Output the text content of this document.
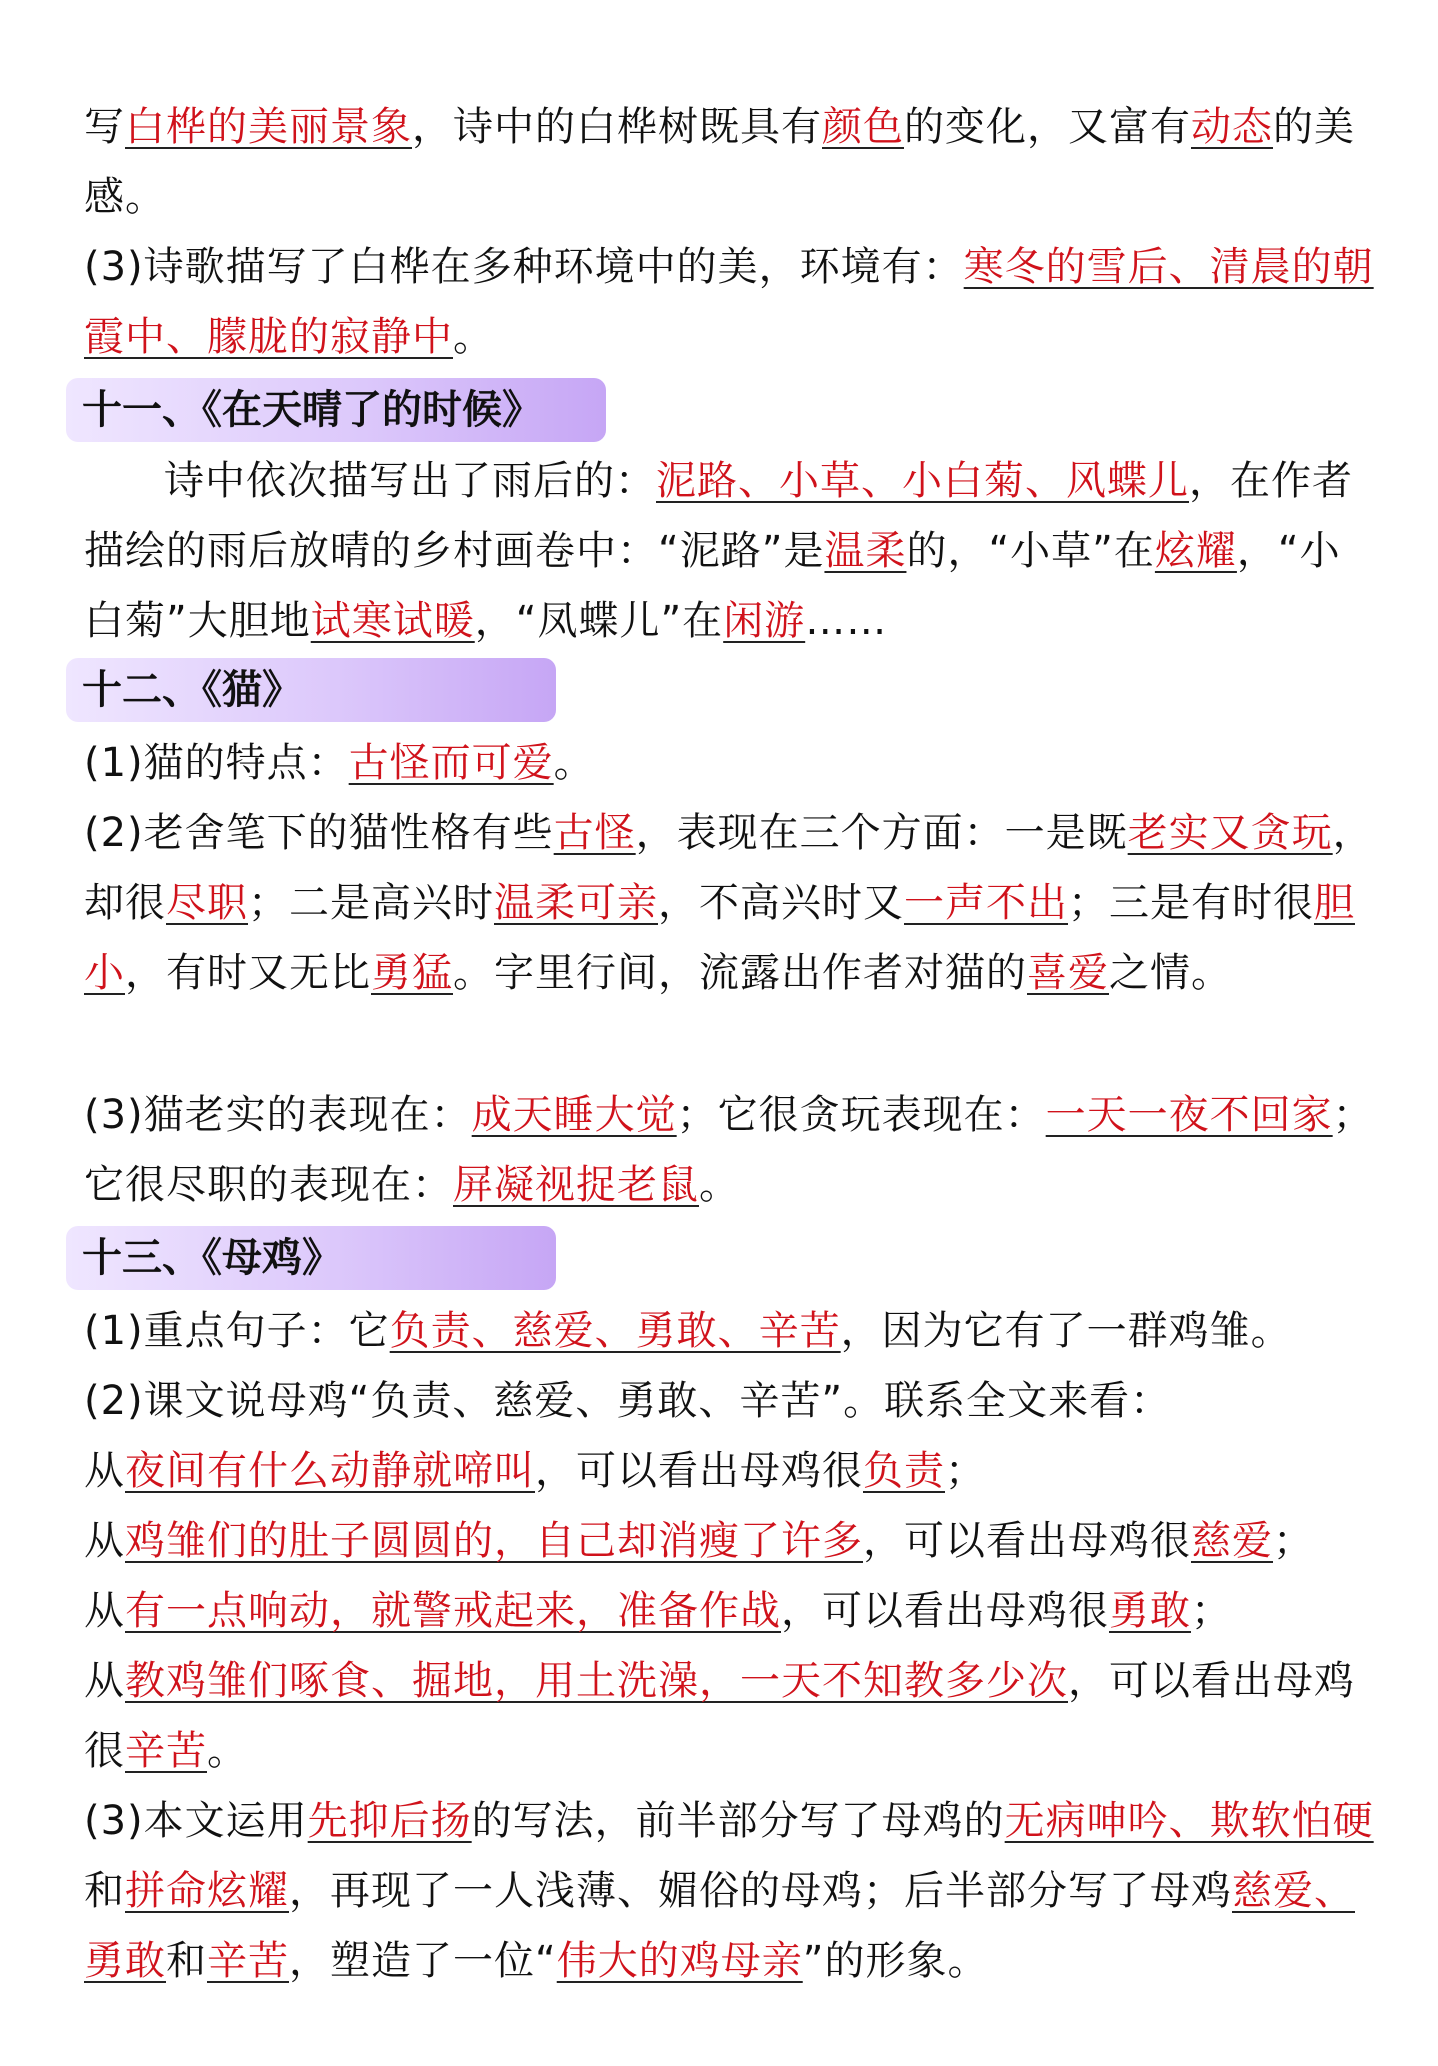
写白桦的美丽景象，诗中的白桦树既具有颜色的变化，又富有动态的美感。
(3)诗歌描写了白桦在多种环境中的美，环境有：寒冬的雪后、清晨的朝霞中、朦胧的寂静中。
十一、《在天晴了的时候》
诗中依次描写出了雨后的：泥路、小草、小白菊、风蝶儿，在作者描绘的雨后放晴的乡村画卷中：“泥路”是温柔的，“小草”在炫耀，“小白菊”大胆地试寒试暖，“凤蝶儿”在闲游……
十二、《猫》
(1)猫的特点：古怪而可爱。
(2)老舍笔下的猫性格有些古怪，表现在三个方面：一是既老实又贪玩，却很尽职；二是高兴时温柔可亲，不高兴时又一声不出；三是有时很胆小，有时又无比勇猛。字里行间，流露出作者对猫的喜爱之情。
(3)猫老实的表现在：成天睡大觉；它很贪玩表现在：一天一夜不回家；它很尽职的表现在：屏凝视捉老鼠。
十三、《母鸡》
(1)重点句子：它负责、慈爱、勇敢、辛苦，因为它有了一群鸡雏。
(2)课文说母鸡“负责、慈爱、勇敢、辛苦”。联系全文来看：
从夜间有什么动静就啼叫，可以看出母鸡很负责；
从鸡雏们的肚子圆圆的，自己却消瘦了许多，可以看出母鸡很慈爱；
从有一点响动，就警戒起来，准备作战，可以看出母鸡很勇敢；
从教鸡雏们啄食、掘地，用土洗澡，一天不知教多少次，可以看出母鸡很辛苦。
(3)本文运用先抑后扬的写法，前半部分写了母鸡的无病呻吟、欺软怕硬和拼命炫耀，再现了一人浅薄、媚俗的母鸡；后半部分写了母鸡慈爱、勇敢和辛苦，塑造了一位“伟大的鸡母亲”的形象。
